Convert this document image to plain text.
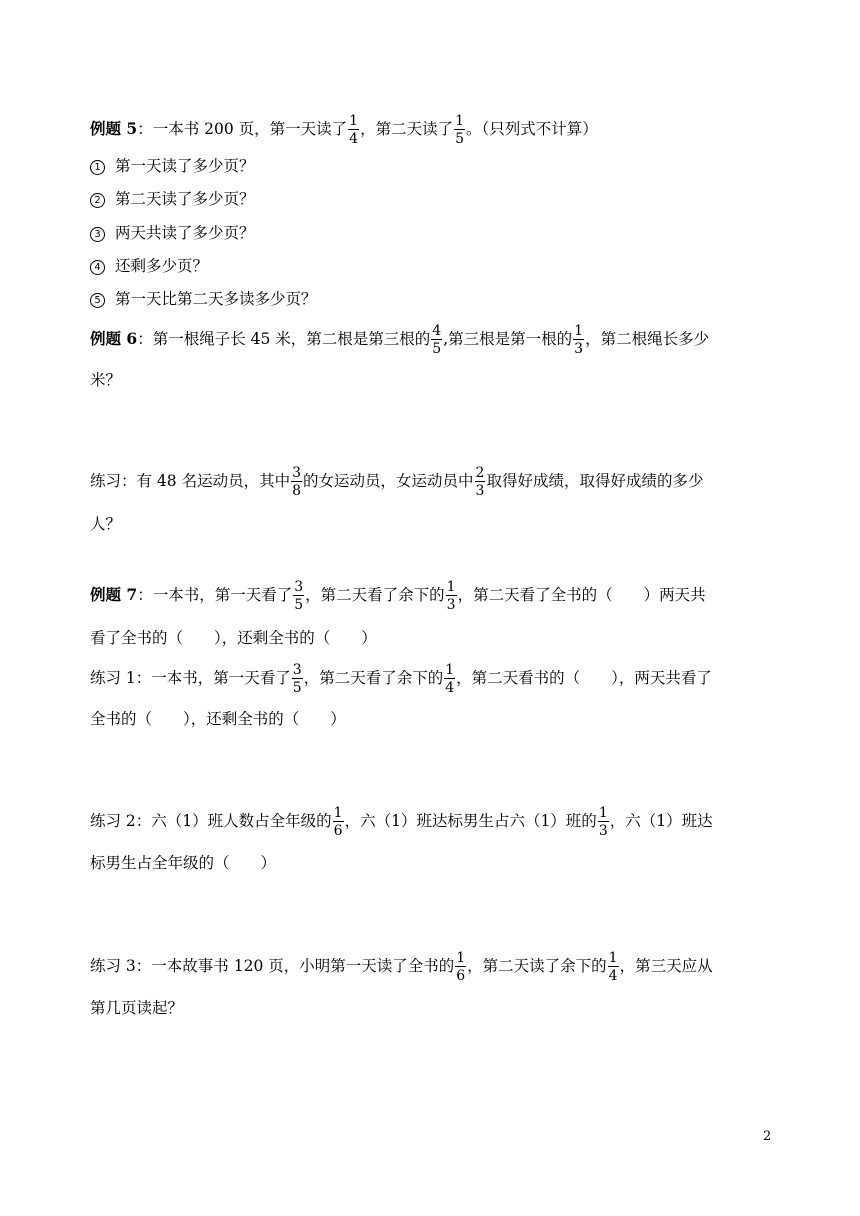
例题 5：一本书 200 页，第一天读了 $\frac{1}{4}$ ，第二天读了 $\frac{1}{5}$ 。（只列式不计算）
1 第一天读了多少页？
2 第二天读了多少页？
3 两天共读了多少页？
4 还剩多少页？
5 第一天比第二天多读多少页？
例题 6：第一根绳子长 45 米，第二根是第三根的 $\frac{4}{5}$ ,第三根是第一根的 $\frac{1}{3}$ ，第二根绳长多少
米？
练习：有 48 名运动员，其中 $\frac{3}{8}$ 的女运动员，女运动员中 $\frac{2}{3}$ 取得好成绩，取得好成绩的多少
人？
例题 7：一本书，第一天看了 $\frac{3}{5}$ ，第二天看了余下的 $\frac{1}{3}$ ，第二天看了全书的（　　）两天共
看了全书的（　　），还剩全书的（　　）
练习 1：一本书，第一天看了 $\frac{3}{5}$ ，第二天看了余下的 $\frac{1}{4}$ ，第二天看书的（　　），两天共看了
全书的（　　），还剩全书的（　　）
练习 2：六（1）班人数占全年级的 $\frac{1}{6}$ ，六（1）班达标男生占六（1）班的 $\frac{1}{3}$ ，六（1）班达
标男生占全年级的（　　）
练习 3：一本故事书 120 页，小明第一天读了全书的 $\frac{1}{6}$ ，第二天读了余下的 $\frac{1}{4}$ ，第三天应从
第几页读起？
2
